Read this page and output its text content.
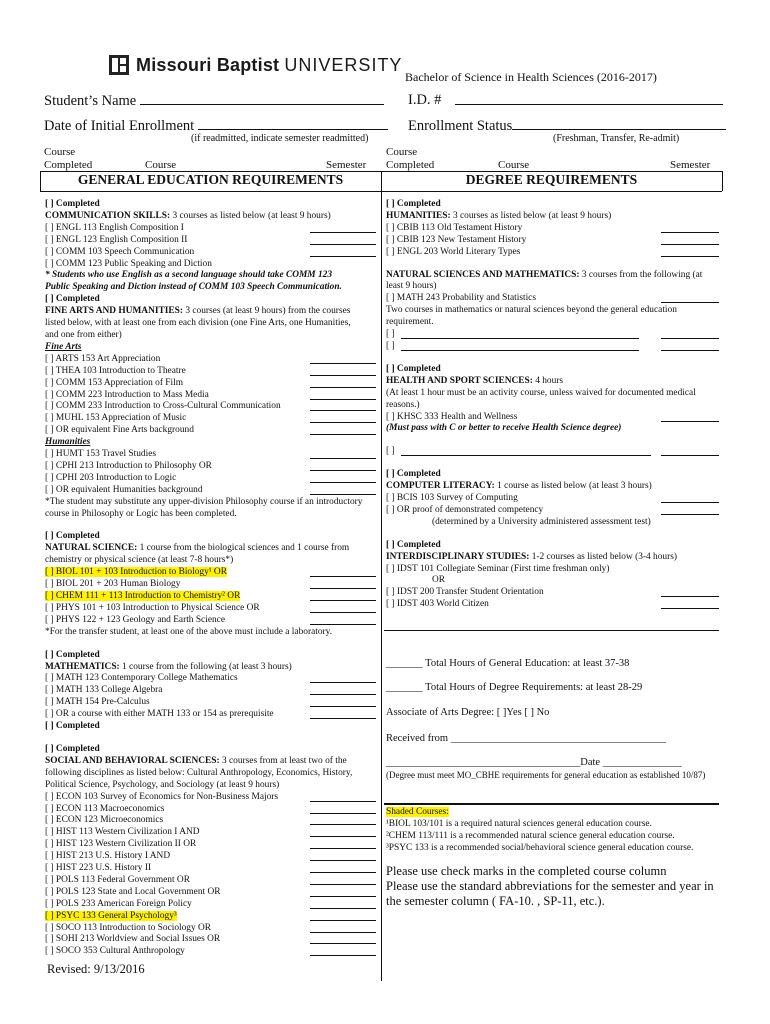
Missouri Baptist UNIVERSITY
Bachelor of Science in Health Sciences (2016-2017)
Student’s Name	I.D. #
Date of Initial Enrollment
(if readmitted, indicate semester readmitted)
Enrollment Status
(Freshman, Transfer, Re-admit)
Course
Completed	Course	Semester
Course
Completed	Course	Semester
GENERAL EDUCATION REQUIREMENTS	DEGREE REQUIREMENTS

[ ] Completed

COMMUNICATION SKILLS: 3 courses as listed below (at least 9 hours)

[ ] ENGL 113 English Composition I

[ ] ENGL 123 English Composition II

[ ] COMM 103 Speech Communication

[ ] COMM 123 Public Speaking and Diction

* Students who use English as a second language should take COMM 123

Public Speaking and Diction instead of COMM 103 Speech Communication.

[ ] Completed

FINE ARTS AND HUMANITIES: 3 courses (at least 9 hours) from the courses

listed below, with at least one from each division (one Fine Arts, one Humanities,

and one from either)

Fine Arts

[ ] ARTS 153 Art Appreciation

[ ] THEA 103 Introduction to Theatre

[ ] COMM 153 Appreciation of Film

[ ] COMM 223 Introduction to Mass Media

[ ] COMM 233 Introduction to Cross-Cultural Communication

[ ] MUHL 153 Appreciation of Music

[ ] OR equivalent Fine Arts background

Humanities

[ ] HUMT 153 Travel Studies

[ ] CPHI 213 Introduction to Philosophy OR

[ ] CPHI 203 Introduction to Logic

[ ] OR equivalent Humanities background

*The student may substitute any upper-division Philosophy course if an introductory

course in Philosophy or Logic has been completed.

[ ] Completed

NATURAL SCIENCE: 1 course from the biological sciences and 1 course from

chemistry or physical science (at least 7-8 hours*)

[ ] BIOL 101 + 103 Introduction to Biology¹ OR

[ ] BIOL 201 + 203 Human Biology

[ ] CHEM 111 + 113 Introduction to Chemistry² OR

[ ] PHYS 101 + 103 Introduction to Physical Science OR

[ ] PHYS 122 + 123 Geology and Earth Science

*For the transfer student, at least one of the above must include a laboratory.

[ ] Completed

MATHEMATICS: 1 course from the following (at least 3 hours)

[ ] MATH 123 Contemporary College Mathematics

[ ] MATH 133 College Algebra

[ ] MATH 154 Pre-Calculus

[ ] OR a course with either MATH 133 or 154 as prerequisite

[ ] Completed

[ ] Completed

SOCIAL AND BEHAVIORAL SCIENCES: 3 courses from at least two of the

following disciplines as listed below: Cultural Anthropology, Economics, History,

Political Science, Psychology, and Sociology (at least 9 hours)

[ ] ECON 103 Survey of Economics for Non-Business Majors

[ ] ECON 113 Macroeconomics

[ ] ECON 123 Microeconomics

[ ] HIST 113 Western Civilization I AND

[ ] HIST 123 Western Civilization II OR

[ ] HIST 213 U.S. History I AND

[ ] HIST 223 U.S. History II

[ ] POLS 113 Federal Government OR

[ ] POLS 123 State and Local Government OR

[ ] POLS 233 American Foreign Policy

[ ] PSYC 133 General Psychology³

[ ] SOCO 113 Introduction to Sociology OR

[ ] SOHI 213 Worldview and Social Issues OR

[ ] SOCO 353 Cultural Anthropology

Revised: 9/13/2016

[ ] Completed

HUMANITIES: 3 courses as listed below (at least 9 hours)

[ ] CBIB 113 Old Testament History

[ ] CBIB 123 New Testament History

[ ] ENGL 203 World Literary Types

NATURAL SCIENCES AND MATHEMATICS: 3 courses from the following (at

least 9 hours)

[ ] MATH 243 Probability and Statistics

Two courses in mathematics or natural sciences beyond the general education

requirement.

[ ]

[ ]

[ ] Completed

HEALTH AND SPORT SCIENCES: 4 hours

(At least 1 hour must be an activity course, unless waived for documented medical

reasons.)

[ ] KHSC 333 Health and Wellness

(Must pass with C or better to receive Health Science degree)

[ ]

[ ] Completed

COMPUTER LITERACY: 1 course as listed below (at least 3 hours)

[ ] BCIS 103 Survey of Computing

[ ] OR proof of demonstrated competency

(determined by a University administered assessment test)

[ ] Completed

INTERDISCIPLINARY STUDIES: 1-2 courses as listed below (3-4 hours)

[ ] IDST 101 Collegiate Seminar (First time freshman only)

OR

[ ] IDST 200 Transfer Student Orientation

[ ] IDST 403 World Citizen

_______ Total Hours of General Education: at least 37-38
_______ Total Hours of Degree Requirements: at least 28-29
Associate of Arts Degree: [ ]Yes [ ] No
Received from _________________________________________
_____________________________________Date _______________
(Degree must meet MO_CBHE requirements for general education as established 10/87)

Shaded Courses:

¹BIOL 103/101 is a required natural sciences general education course.

²CHEM 113/111 is a recommended natural science general education course.

³PSYC 133 is a recommended social/behavioral science general education course.

Please use check marks in the completed course column
Please use the standard abbreviations for the semester and year in
the semester column ( FA-10. , SP-11, etc.).
